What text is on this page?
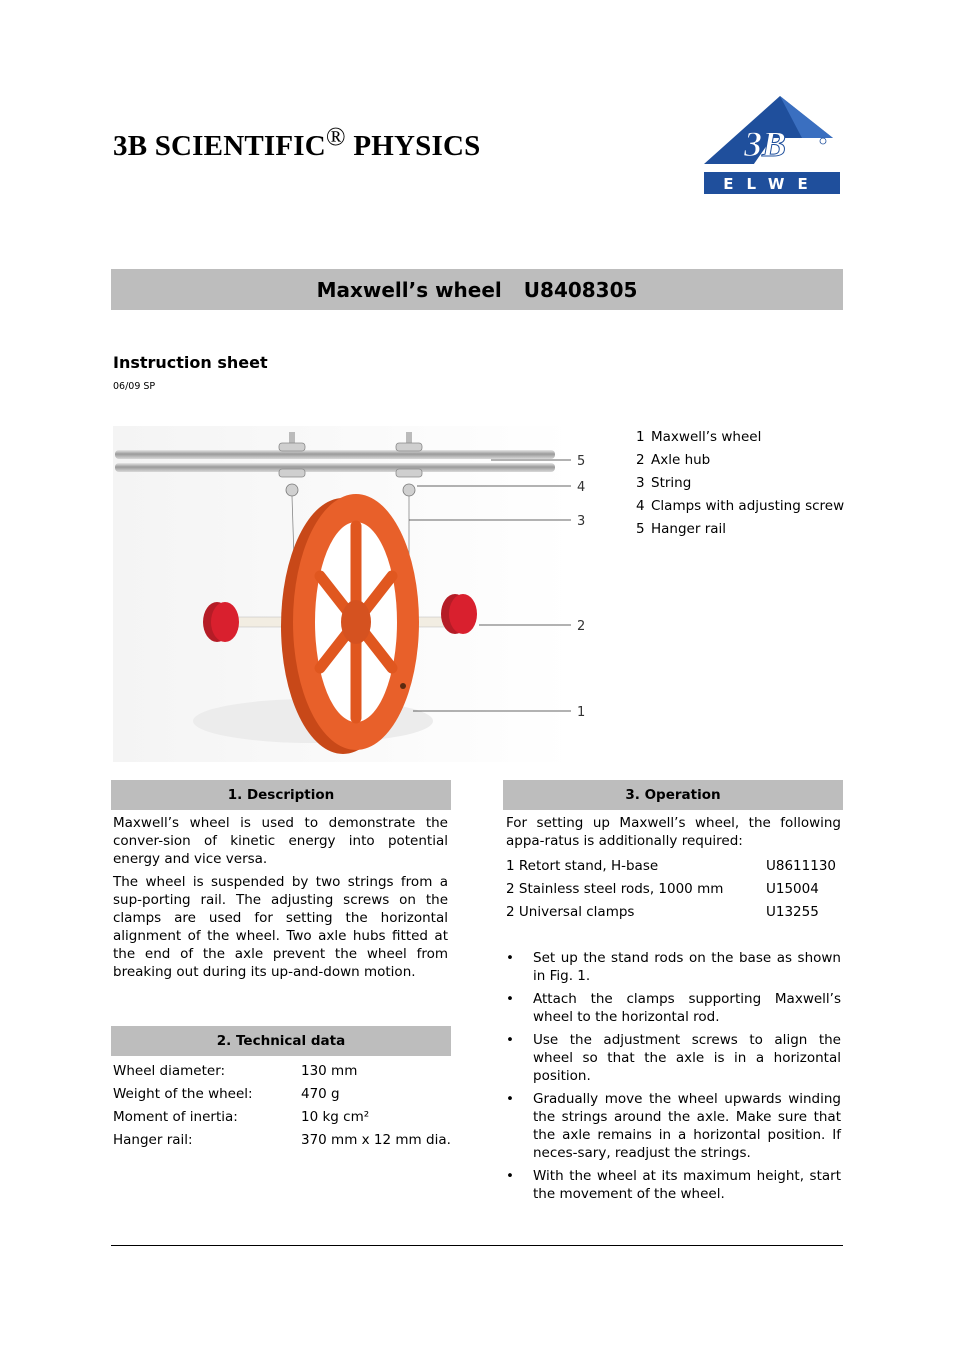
3B SCIENTIFIC® PHYSICS	3B
ELWE
Maxwell’s wheel U8408305
Instruction sheet
06/09 SP
5
4
3
2
1
1 Maxwell’s wheel
2 Axle hub
3 String
4 Clamps with adjusting screw
5 Hanger rail
1. Description

Maxwell’s wheel is used to demonstrate the conver-sion of kinetic energy into potential energy and vice versa.

The wheel is suspended by two strings from a sup-porting rail. The adjusting screws on the clamps are used for setting the horizontal alignment of the wheel. Two axle hubs fitted at the end of the axle prevent the wheel from breaking out during its up-and-down motion.

2. Technical data
Wheel diameter:	130 mm
Weight of the wheel:	470 g
Moment of inertia:	10 kg cm²
Hanger rail:	370 mm x 12 mm dia.
3. Operation

For setting up Maxwell’s wheel, the following appa-ratus is additionally required:

1 Retort stand, H-base	U8611130
2 Stainless steel rods, 1000 mm	U15004
2 Universal clamps	U13255
• Set up the stand rods on the base as shown in Fig. 1.
• Attach the clamps supporting Maxwell’s wheel to the horizontal rod.
• Use the adjustment screws to align the wheel so that the axle is in a horizontal position.
• Gradually move the wheel upwards winding the strings around the axle. Make sure that the axle remains in a horizontal position. If neces-sary, readjust the strings.
• With the wheel at its maximum height, start the movement of the wheel.
